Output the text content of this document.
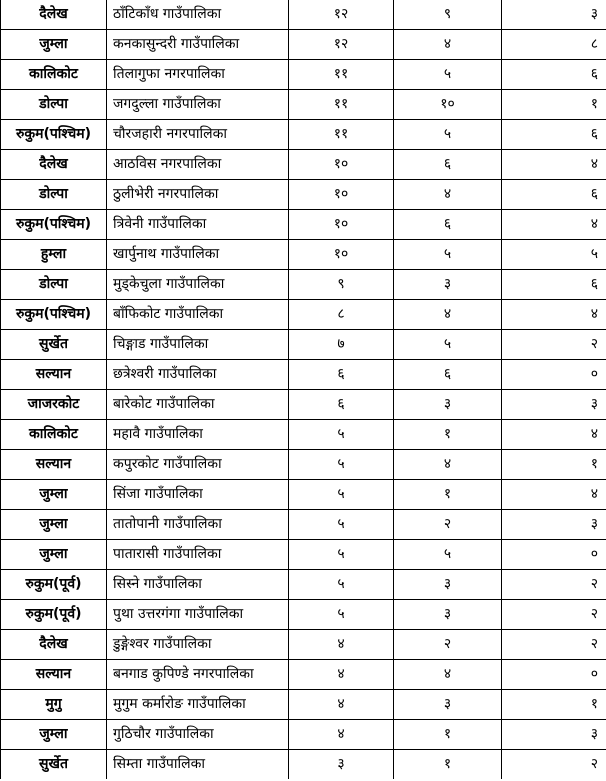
दैलेख	ठाँटिकाँध गाउँपालिका	१२	९	३
जुम्ला	कनकासुन्दरी गाउँपालिका	१२	४	८
कालिकोट	तिलागुफा नगरपालिका	११	५	६
डोल्पा	जगदुल्ला गाउँपालिका	११	१०	१
रुकुम(पश्चिम)	चौरजहारी नगरपालिका	११	५	६
दैलेख	आठविस नगरपालिका	१०	६	४
डोल्पा	ठुलीभेरी नगरपालिका	१०	४	६
रुकुम(पश्चिम)	त्रिवेनी गाउँपालिका	१०	६	४
हुम्ला	खार्पुनाथ गाउँपालिका	१०	५	५
डोल्पा	मुड्केचुला गाउँपालिका	९	३	६
रुकुम(पश्चिम)	बाँफिकोट गाउँपालिका	८	४	४
सुर्खेत	चिङ्गाड गाउँपालिका	७	५	२
सल्यान	छत्रेश्वरी गाउँपालिका	६	६	०
जाजरकोट	बारेकोट गाउँपालिका	६	३	३
कालिकोट	महावै गाउँपालिका	५	१	४
सल्यान	कपुरकोट गाउँपालिका	५	४	१
जुम्ला	सिंजा गाउँपालिका	५	१	४
जुम्ला	तातोपानी गाउँपालिका	५	२	३
जुम्ला	पातारासी गाउँपालिका	५	५	०
रुकुम(पूर्व)	सिस्ने गाउँपालिका	५	३	२
रुकुम(पूर्व)	पुथा उत्तरगंगा गाउँपालिका	५	३	२
दैलेख	डुङ्गेश्वर गाउँपालिका	४	२	२
सल्यान	बनगाड कुपिण्डे नगरपालिका	४	४	०
मुगु	मुगुम कर्मारोङ गाउँपालिका	४	३	१
जुम्ला	गुठिचौर गाउँपालिका	४	१	३
सुर्खेत	सिम्ता गाउँपालिका	३	१	२
